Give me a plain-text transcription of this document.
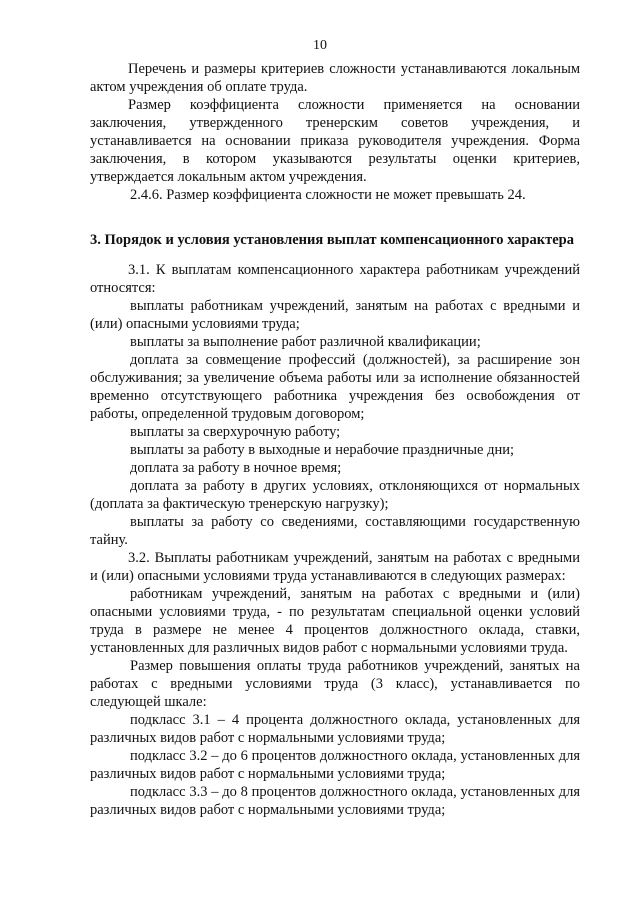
10

Перечень и размеры критериев сложности устанавливаются локальным актом учреждения об оплате труда.

Размер коэффициента сложности применяется на основании заключения, утвержденного тренерским советов учреждения, и устанавливается на основании приказа руководителя учреждения. Форма заключения, в котором указываются результаты оценки критериев, утверждается локальным актом учреждения.

2.4.6. Размер коэффициента сложности не может превышать 24.

3. Порядок и условия установления выплат компенсационного характера

3.1. К выплатам компенсационного характера работникам учреждений относятся:

выплаты работникам учреждений, занятым на работах с вредными и (или) опасными условиями труда;

выплаты за выполнение работ различной квалификации;

доплата за совмещение профессий (должностей), за расширение зон обслуживания; за увеличение объема работы или за исполнение обязанностей временно отсутствующего работника учреждения без освобождения от работы, определенной трудовым договором;

выплаты за сверхурочную работу;

выплаты за работу в выходные и нерабочие праздничные дни;

доплата за работу в ночное время;

доплата за работу в других условиях, отклоняющихся от нормальных (доплата за фактическую тренерскую нагрузку);

выплаты за работу со сведениями, составляющими государственную тайну.

3.2. Выплаты работникам учреждений, занятым на работах с вредными и (или) опасными условиями труда устанавливаются в следующих размерах:

работникам учреждений, занятым на работах с вредными и (или) опасными условиями труда, - по результатам специальной оценки условий труда в размере не менее 4 процентов должностного оклада, ставки, установленных для различных видов работ с нормальными условиями труда.

Размер повышения оплаты труда работников учреждений, занятых на работах с вредными условиями труда (3 класс), устанавливается по следующей шкале:

подкласс 3.1 – 4 процента должностного оклада, установленных для различных видов работ с нормальными условиями труда;

подкласс 3.2 – до 6 процентов должностного оклада, установленных для различных видов работ с нормальными условиями труда;

подкласс 3.3 – до 8 процентов должностного оклада, установленных для различных видов работ с нормальными условиями труда;
